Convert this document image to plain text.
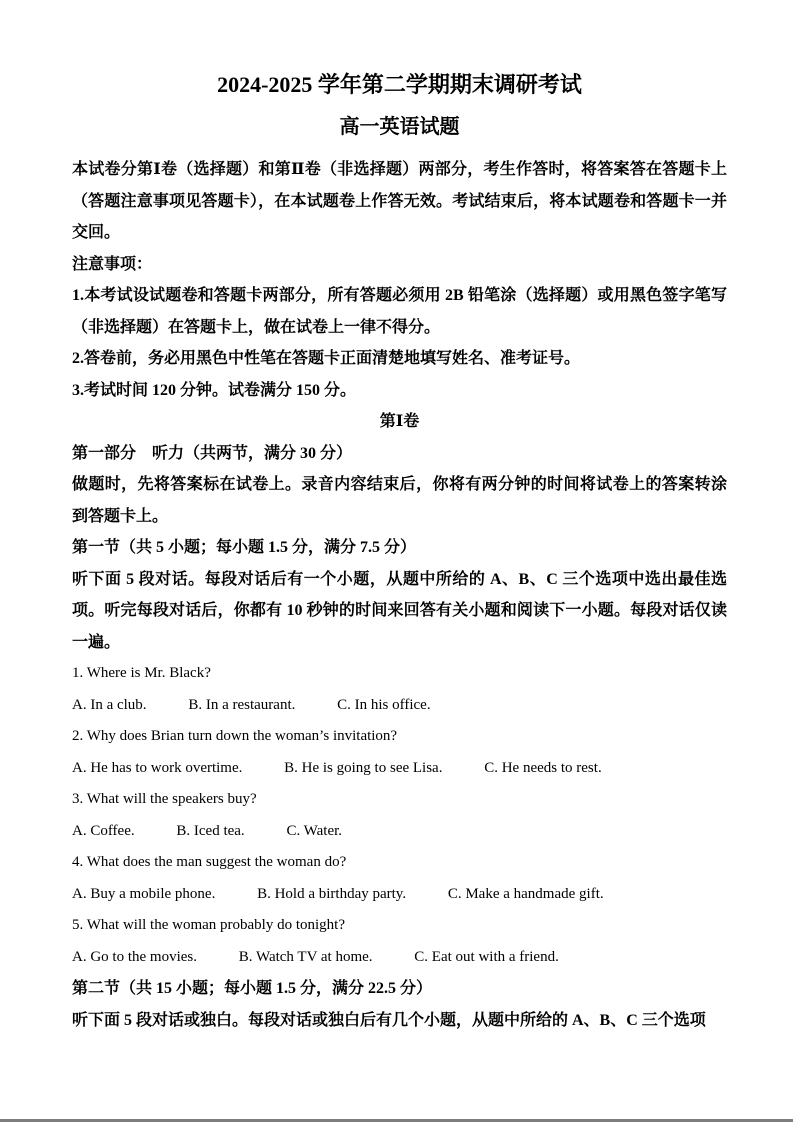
2024-2025 学年第二学期期末调研考试
高一英语试题

本试卷分第Ⅰ卷（选择题）和第Ⅱ卷（非选择题）两部分，考生作答时，将答案答在答题卡上（答题注意事项见答题卡），在本试题卷上作答无效。考试结束后，将本试题卷和答题卡一并交回。

注意事项：

1.本考试设试题卷和答题卡两部分，所有答题必须用 2B 铅笔涂（选择题）或用黑色签字笔写（非选择题）在答题卡上，做在试卷上一律不得分。

2.答卷前，务必用黑色中性笔在答题卡正面清楚地填写姓名、准考证号。

3.考试时间 120 分钟。试卷满分 150 分。

第Ⅰ卷

第一部分　听力（共两节，满分 30 分）

做题时，先将答案标在试卷上。录音内容结束后，你将有两分钟的时间将试卷上的答案转涂到答题卡上。

第一节（共 5 小题；每小题 1.5 分，满分 7.5 分）

听下面 5 段对话。每段对话后有一个小题，从题中所给的 A、B、C 三个选项中选出最佳选项。听完每段对话后，你都有 10 秒钟的时间来回答有关小题和阅读下一小题。每段对话仅读一遍。

1. Where is Mr. Black?

A. In a club.	B. In a restaurant.	C. In his office.

2. Why does Brian turn down the woman’s invitation?

A. He has to work overtime.	B. He is going to see Lisa.	C. He needs to rest.

3. What will the speakers buy?

A. Coffee.	B. Iced tea.	C. Water.

4. What does the man suggest the woman do?

A. Buy a mobile phone.	B. Hold a birthday party.	C. Make a handmade gift.

5. What will the woman probably do tonight?

A. Go to the movies.	B. Watch TV at home.	C. Eat out with a friend.

第二节（共 15 小题；每小题 1.5 分，满分 22.5 分）

听下面 5 段对话或独白。每段对话或独白后有几个小题，从题中所给的 A、B、C 三个选项
